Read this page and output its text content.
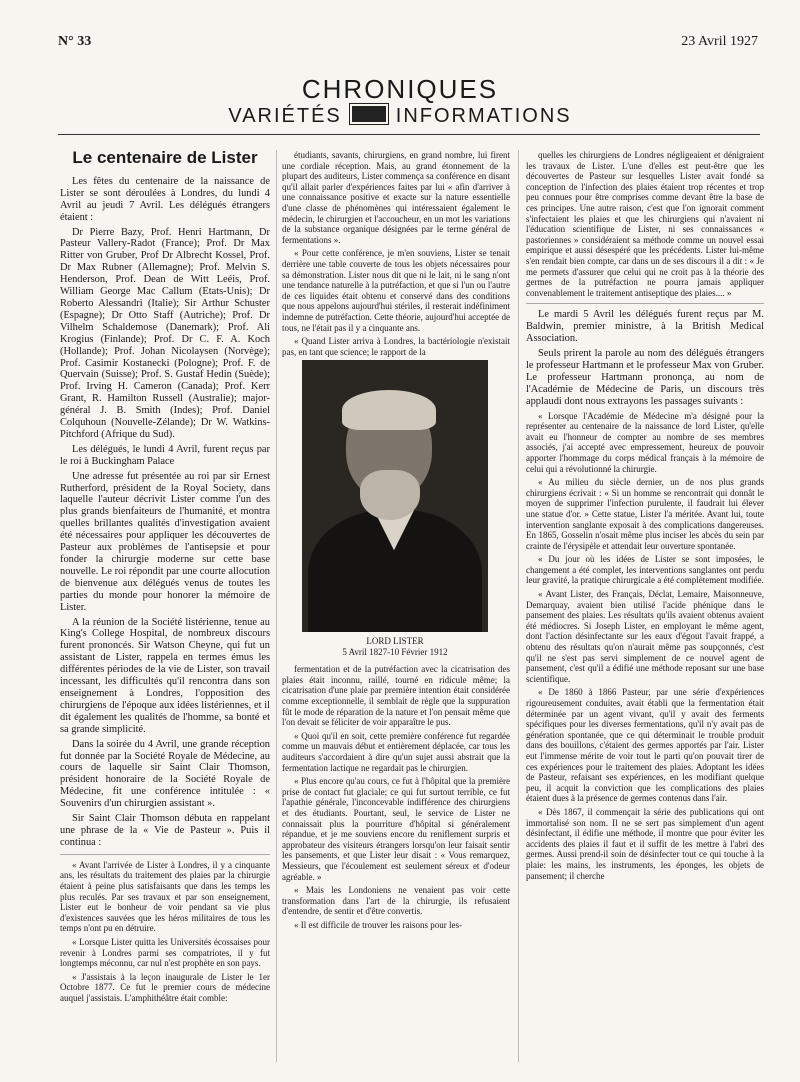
N° 33	23 Avril 1927
CHRONIQUES
VARIÉTÉS	INFORMATIONS
Le centenaire de Lister

Les fêtes du centenaire de la naissance de Lister se sont déroulées à Londres, du lundi 4 Avril au jeudi 7 Avril. Les délégués étrangers étaient :

Dr Pierre Bazy, Prof. Henri Hartmann, Dr Pasteur Vallery-Radot (France); Prof. Dr Max Ritter von Gruber, Prof Dr Albrecht Kossel, Prof. Dr Max Rubner (Allemagne); Prof. Melvin S. Henderson, Prof. Dean de Witt Leéis, Prof. William George Mac Callum (Etats-Unis); Dr Roberto Alessandri (Italie); Sir Arthur Schuster (Espagne); Dr Otto Staff (Autriche); Prof. Dr Vilhelm Schaldemose (Danemark); Prof. Ali Krogius (Finlande); Prof. Dr C. F. A. Koch (Hollande); Prof. Johan Nicolaysen (Norvège); Prof. Casimir Kostanecki (Pologne); Prof. F. de Quervain (Suisse); Prof. S. Gustaf Hedin (Suède); Prof. Irving H. Cameron (Canada); Prof. Kerr Grant, R. Hamilton Russell (Australie); major-général J. B. Smith (Indes); Prof. Daniel Colquhoun (Nouvelle-Zélande); Dr W. Watkins-Pitchford (Afrique du Sud).

Les délégués, le lundi 4 Avril, furent reçus par le roi à Buckingham Palace

Une adresse fut présentée au roi par sir Ernest Rutherford, président de la Royal Society, dans laquelle l'auteur décrivit Lister comme l'un des plus grands bienfaiteurs de l'humanité, et montra quelles brillantes qualités d'investigation avaient été nécessaires pour appliquer les découvertes de Pasteur aux problèmes de l'antisepsie et pour fonder la chirurgie moderne sur cette base nouvelle. Le roi répondit par une courte allocution de bienvenue aux délégués venus de toutes les parties du monde pour honorer la mémoire de Lister.

A la réunion de la Société listérienne, tenue au King's College Hospital, de nombreux discours furent prononcés. Sir Watson Cheyne, qui fut un assistant de Lister, rappela en termes émus les différentes périodes de la vie de Lister, son travail incessant, les difficultés qu'il rencontra dans son enseignement à Londres, l'opposition des chirurgiens de l'époque aux idées listériennes, et il dit également les qualités de l'homme, sa bonté et sa grande simplicité.

Dans la soirée du 4 Avril, une grande réception fut donnée par la Société Royale de Médecine, au cours de laquelle sir Saint Clair Thomson, président honoraire de la Société Royale de Médecine, fit une conférence intitulée : « Souvenirs d'un chirurgien assistant ».

Sir Saint Clair Thomson débuta en rappelant une phrase de la « Vie de Pasteur ». Puis il continua :

« Avant l'arrivée de Lister à Londres, il y a cinquante ans, les résultats du traitement des plaies par la chirurgie étaient à peine plus satisfaisants que dans les temps les plus reculés. Par ses travaux et par son enseignement, Lister eut le bonheur de voir pendant sa vie plus d'existences sauvées que les héros militaires de tous les temps n'ont pu en détruire.

« Lorsque Lister quitta les Universités écossaises pour revenir à Londres parmi ses compatriotes, il y fut longtemps méconnu, car nul n'est prophète en son pays.

« J'assistais à la leçon inaugurale de Lister le 1er Octobre 1877. Ce fut le premier cours de médecine auquel j'assistais. L'amphithéâtre était comble:

étudiants, savants, chirurgiens, en grand nombre, lui firent une cordiale réception. Mais, au grand étonnement de la plupart des auditeurs, Lister commença sa conférence en disant qu'il allait parler d'expériences faites par lui « afin d'arriver à une connaissance positive et exacte sur la nature essentielle d'une classe de phénomènes qui intéressaient également le médecin, le chirurgien et l'accoucheur, en un mot les variations de la substance organique désignées par le terme général de fermentations ».

« Pour cette conférence, je m'en souviens, Lister se tenait derrière une table couverte de tous les objets nécessaires pour sa démonstration. Lister nous dit que ni le lait, ni le sang n'ont une tendance naturelle à la putréfaction, et que si l'un ou l'autre de ces liquides était obtenu et conservé dans des conditions que nous appelons aujourd'hui stériles, il resterait indéfiniment indemne de putréfaction. Cette théorie, aujourd'hui acceptée de tous, ne l'était pas il y a cinquante ans.

« Quand Lister arriva à Londres, la bactériologie n'existait pas, en tant que science; le rapport de la

LORD LISTER
5 Avril 1827-10 Février 1912

fermentation et de la putréfaction avec la cicatrisation des plaies était inconnu, raillé, tourné en ridicule même; la cicatrisation d'une plaie par première intention était considérée comme exceptionnelle, il semblait de règle que la suppuration fût le mode de réparation de la nature et l'on pensait même que l'on devait se féliciter de voir apparaître le pus.

« Quoi qu'il en soit, cette première conférence fut regardée comme un mauvais début et entièrement déplacée, car tous les auditeurs s'accordaient à dire qu'un sujet aussi abstrait que la fermentation lactique ne regardait pas le chirurgien.

« Plus encore qu'au cours, ce fut à l'hôpital que la première prise de contact fut glaciale; ce qui fut surtout terrible, ce fut l'apathie générale, l'inconcevable indifférence des chirurgiens et des étudiants. Pourtant, seul, le service de Lister ne connaissait plus la pourriture d'hôpital si généralement répandue, et je me souviens encore du reniflement surpris et approbateur des visiteurs étrangers lorsqu'on leur faisait sentir les pansements, et que Lister leur disait : « Vous remarquez, Messieurs, que l'écoulement est seulement séreux et d'odeur agréable. »

« Mais les Londoniens ne venaient pas voir cette transformation dans l'art de la chirurgie, ils refusaient d'entendre, de sentir et d'être convertis.

« Il est difficile de trouver les raisons pour les-

quelles les chirurgiens de Londres négligeaient et dénigraient les travaux de Lister. L'une d'elles est peut-être que les découvertes de Pasteur sur lesquelles Lister avait fondé sa conception de l'infection des plaies étaient trop récentes et trop peu connues pour être comprises comme devant être la base de ces principes. Une autre raison, c'est que l'on ignorait comment s'infectaient les plaies et que les chirurgiens qui n'avaient ni l'éducation scientifique de Lister, ni ses connaissances « pastoriennes » considéraient sa méthode comme un nouvel essai empirique et aussi désespéré que les précédents. Lister lui-même s'en rendait bien compte, car dans un de ses discours il a dit : « Je me permets d'assurer que celui qui ne croit pas à la théorie des germes de la putréfaction ne pourra jamais appliquer convenablement le traitement antiseptique des plaies.... »

Le mardi 5 Avril les délégués furent reçus par M. Baldwin, premier ministre, à la British Medical Association.

Seuls prirent la parole au nom des délégués étrangers le professeur Hartmann et le professeur Max von Gruber. Le professeur Hartmann prononça, au nom de l'Académie de Médecine de Paris, un discours très applaudi dont nous extrayons les passages suivants :

« Lorsque l'Académie de Médecine m'a désigné pour la représenter au centenaire de la naissance de lord Lister, qu'elle avait eu l'honneur de compter au nombre de ses membres associés, j'ai accepté avec empressement, heureux de pouvoir apporter l'hommage du corps médical français à la mémoire de celui qui a révolutionné la chirurgie.

« Au milieu du siècle dernier, un de nos plus grands chirurgiens écrivait : « Si un homme se rencontrait qui donnât le moyen de supprimer l'infection purulente, il faudrait lui élever une statue d'or. » Cette statue, Lister l'a méritée. Avant lui, toute intervention sanglante exposait à des complications dangereuses. En 1865, Gosselin n'osait même plus inciser les abcès du sein par crainte de l'érysipèle et attendait leur ouverture spontanée.

« Du jour où les idées de Lister se sont imposées, le changement a été complet, les interventions sanglantes ont perdu leur gravité, la pratique chirurgicale a été complètement modifiée.

« Avant Lister, des Français, Déclat, Lemaire, Maisonneuve, Demarquay, avaient bien utilisé l'acide phénique dans le pansement des plaies. Les résultats qu'ils avaient obtenus avaient été médiocres. Si Joseph Lister, en employant le même agent, dont l'action désinfectante sur les eaux d'égout l'avait frappé, a obtenu des résultats qu'on n'aurait même pas soupçonnés, c'est qu'il ne s'est pas servi simplement de ce nouvel agent de pansement, c'est qu'il a édifié une méthode reposant sur une base scientifique.

« De 1860 à 1866 Pasteur, par une série d'expériences rigoureusement conduites, avait établi que la fermentation était déterminée par un agent vivant, qu'il y avait des ferments spécifiques pour les diverses fermentations, qu'il n'y avait pas de génération spontanée, que ce qui déterminait le trouble produit dans des bouillons, c'étaient des germes apportés par l'air. Lister eut l'immense mérite de voir tout le parti qu'on pouvait tirer de ces expériences pour le traitement des plaies. Adoptant les idées de Pasteur, refaisant ses expériences, en les modifiant quelque peu, il acquit la conviction que les complications des plaies étaient dues à la présence de germes contenus dans l'air.

« Dès 1867, il commençait la série des publications qui ont immortalisé son nom. Il ne se sert pas simplement d'un agent désinfectant, il édifie une méthode, il montre que pour éviter les accidents des plaies il faut et il suffit de les mettre à l'abri des germes. Aussi prend-il soin de désinfecter tout ce qui touche à la plaie: les mains, les instruments, les éponges, les objets de pansement; il cherche
